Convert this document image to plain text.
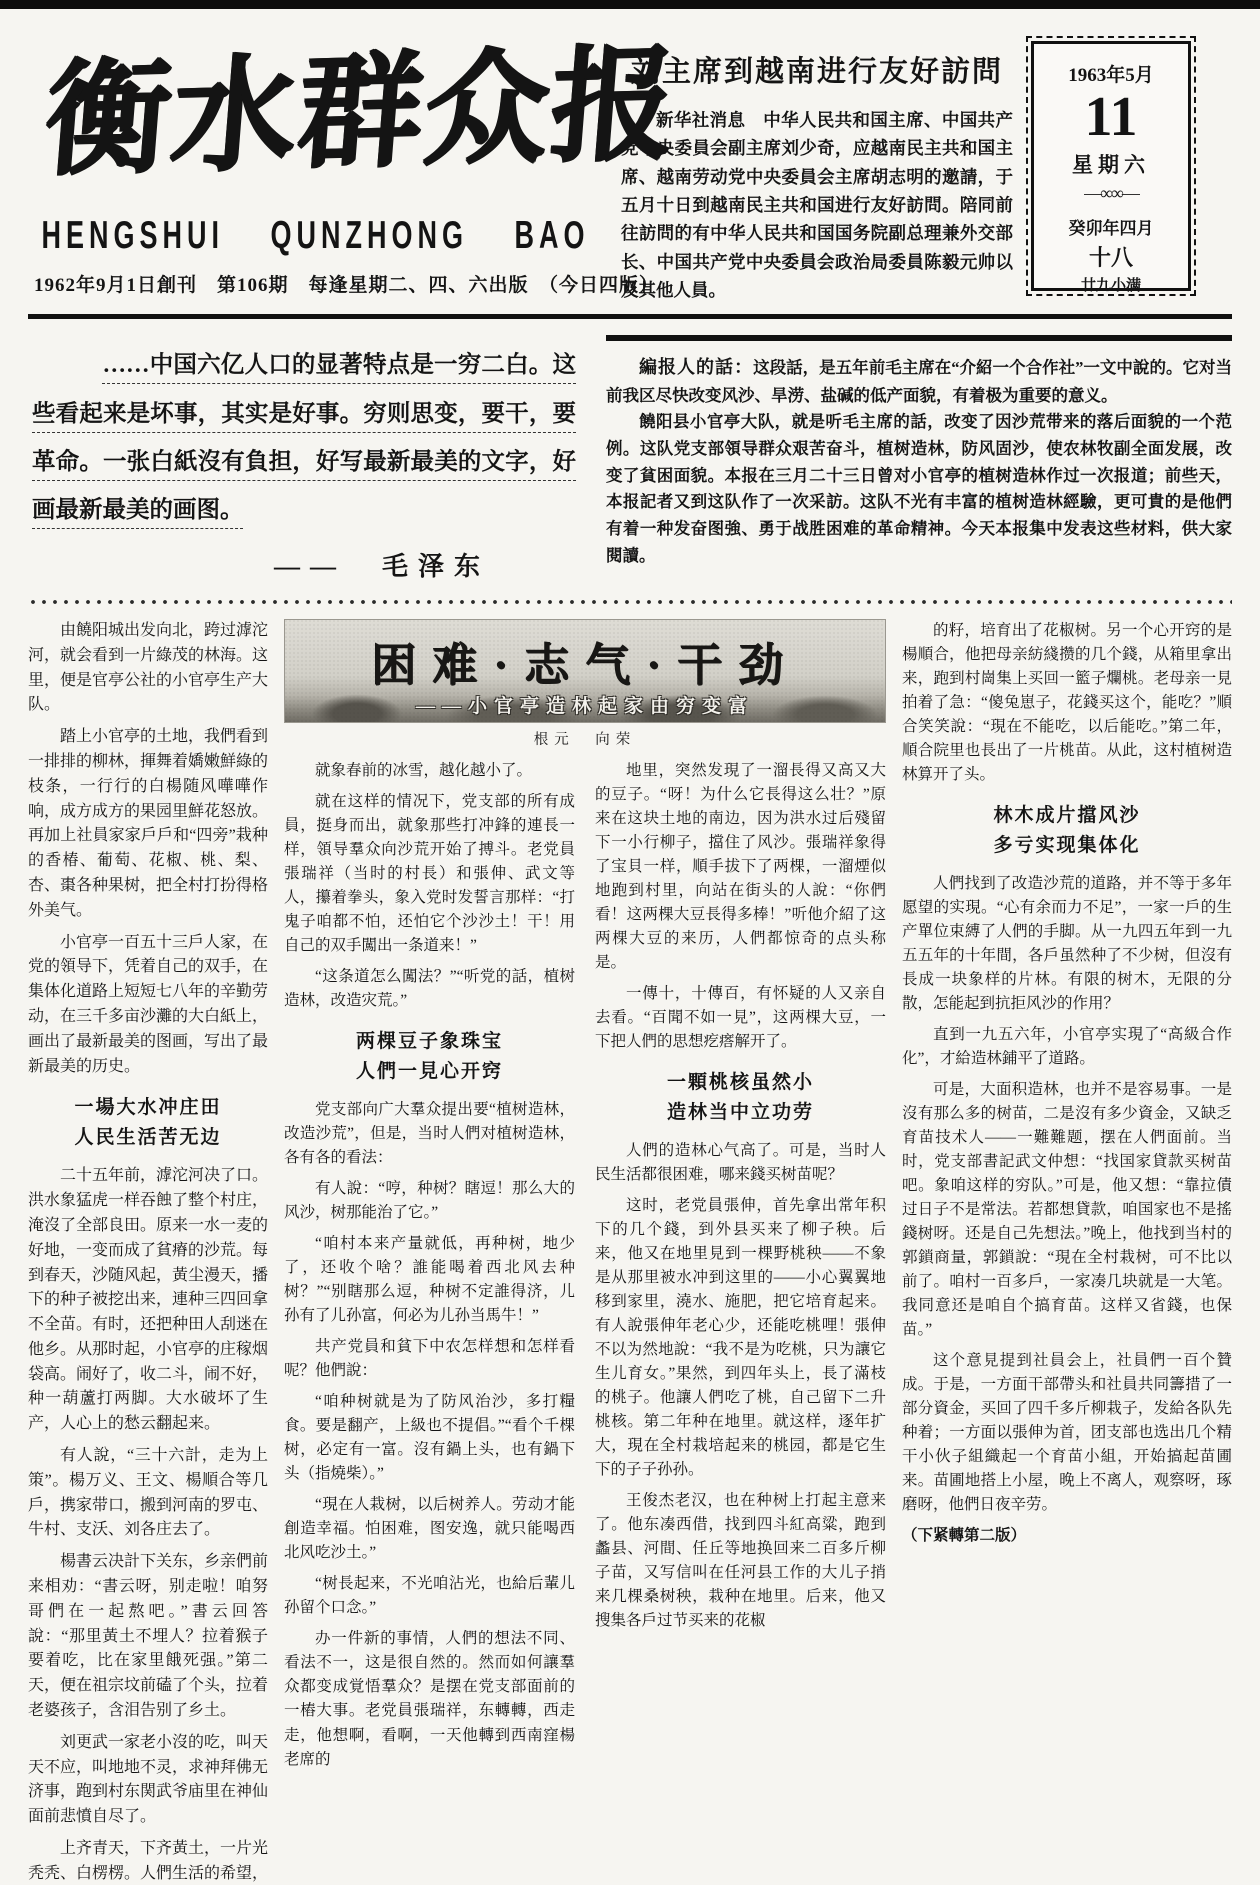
衡水群众报
HENGSHUI QUNZHONG BAO
1962年9月1日創刊　第106期　每逢星期二、四、六出版　（今日四版）
刘主席到越南进行友好訪問
新华社消息　中华人民共和国主席、中国共产党中央委員会副主席刘少奇，应越南民主共和国主席、越南劳动党中央委員会主席胡志明的邀請，于五月十日到越南民主共和国进行友好訪問。陪同前往訪問的有中华人民共和国国务院副总理兼外交部长、中国共产党中央委員会政治局委員陈毅元帅以及其他人員。
1963年5月
11
星期六
—∞∞—
癸卯年四月
十八
廿九小满
……中国六亿人口的显著特点是一穷二白。这些看起来是坏事，其实是好事。穷则思变，要干，要革命。一张白紙沒有負担，好写最新最美的文字，好画最新最美的画图。
——　毛泽东

編报人的話：这段話，是五年前毛主席在“介紹一个合作社”一文中說的。它对当前我区尽快改变风沙、旱涝、盐碱的低产面貌，有着极为重要的意义。

饒阳县小官亭大队，就是听毛主席的話，改变了因沙荒带来的落后面貌的一个范例。这队党支部領导群众艰苦奋斗，植树造林，防风固沙，使农林牧副全面发展，改变了貧困面貌。本报在三月二十三日曾对小官亭的植树造林作过一次报道；前些天，本报記者又到这队作了一次采訪。这队不光有丰富的植树造林經驗，更可貴的是他們有着一种发奋图強、勇于战胜困难的革命精神。今天本报集中发表这些材料，供大家閱讀。

由饒阳城出发向北，跨过滹沱河，就会看到一片綠茂的林海。这里，便是官亭公社的小官亭生产大队。

踏上小官亭的土地，我們看到一排排的柳林，揮舞着嬌嫩鮮綠的枝条，一行行的白楊随风嘩嘩作响，成方成方的果园里鮮花怒放。再加上社員家家戶戶和“四旁”栽种的香椿、葡萄、花椒、桃、梨、杏、棗各种果树，把全村打扮得格外美气。

小官亭一百五十三戶人家，在党的領导下，凭着自己的双手，在集体化道路上短短七八年的辛勤劳动，在三千多亩沙灘的大白紙上，画出了最新最美的图画，写出了最新最美的历史。

一場大水冲庄田
人民生活苦无边

二十五年前，滹沱河决了口。洪水象猛虎一样吞蝕了整个村庄，淹沒了全部良田。原来一水一麦的好地，一变而成了貧瘠的沙荒。每到春天，沙随风起，黃尘漫天，播下的种子被挖出来，連种三四回拿不全苗。有时，还把种田人刮迷在他乡。从那时起，小官亭的庄稼烟袋高。闹好了，收二斗，闹不好，种一葫蘆打两脚。大水破坏了生产，人心上的愁云翻起来。

有人說，“三十六計，走为上策”。楊万义、王文、楊順合等几戶，携家带口，搬到河南的罗屯、牛村、支沃、刘各庄去了。

楊書云决計下关东，乡亲們前来相劝：“書云呀，别走啦！咱努哥們在一起熬吧。”書云回答說：“那里黃土不埋人？拉着猴子要着吃，比在家里餓死强。”第二天，便在祖宗坟前磕了个头，拉着老婆孩子，含泪告别了乡土。

刘更武一家老小沒的吃，叫天天不应，叫地地不灵，求神拜佛无济事，跑到村东関武爷庙里在神仙面前悲憤自尽了。

上齐青天，下齐黃土，一片光秃秃、白楞楞。人們生活的希望，

困难·志气·干劲
——小官亭造林起家由穷变富
根元　向荣

就象春前的冰雪，越化越小了。

就在这样的情况下，党支部的所有成員，挺身而出，就象那些打冲鋒的連長一样，領导羣众向沙荒开始了搏斗。老党員張瑞祥（当时的村長）和張伸、武文等人，攥着拳头，象入党时发誓言那样：“打鬼子咱都不怕，还怕它个沙沙土！干！用自己的双手闖出一条道来！”

“这条道怎么闖法？”“听党的話，植树造林，改造灾荒。”

两棵豆子象珠宝
人們一見心开窍

党支部向广大羣众提出要“植树造林，改造沙荒”，但是，当时人們对植树造林，各有各的看法：

有人說：“哼，种树？瞎逗！那么大的风沙，树那能治了它。”

“咱村本来产量就低，再种树，地少了，还收个啥？誰能喝着西北风去种树？”“别瞎那么逗，种树不定誰得济，儿孙有了儿孙富，何必为儿孙当馬牛！”

共产党員和貧下中农怎样想和怎样看呢？他們說：

“咱种树就是为了防风治沙，多打糧食。要是翻产，上級也不提倡。”“看个千棵树，必定有一富。沒有鍋上头，也有鍋下头（指燒柴）。”

“現在人栽树，以后树养人。劳动才能創造幸福。怕困难，图安逸，就只能喝西北风吃沙土。”

“树長起来，不光咱沾光，也給后輩儿孙留个口念。”

办一件新的事情，人們的想法不同、看法不一，这是很自然的。然而如何讓羣众都变成覚悟羣众？是摆在党支部面前的一樁大事。老党員張瑞祥，东轉轉，西走走，他想啊，看啊，一天他轉到西南窪楊老席的

地里，突然发現了一溜長得又高又大的豆子。“呀！为什么它長得这么壮？”原来在这块土地的南边，因为洪水过后殘留下一小行柳子，擋住了风沙。張瑞祥象得了宝貝一样，順手拔下了两棵，一溜煙似地跑到村里，向站在街头的人說：“你們看！这两棵大豆長得多棒！”听他介紹了这两棵大豆的来历，人們都惊奇的点头称是。

一傳十，十傳百，有怀疑的人又亲自去看。“百聞不如一見”，这两棵大豆，一下把人們的思想疙瘩解开了。

一顆桃核虽然小
造林当中立功劳

人們的造林心气高了。可是，当时人民生活都很困难，哪来錢买树苗呢？

这时，老党員張伸，首先拿出常年积下的几个錢，到外县买来了柳子秧。后来，他又在地里見到一棵野桃秧——不象是从那里被水冲到这里的——小心翼翼地移到家里，澆水、施肥，把它培育起来。有人說張伸年老心少，还能吃桃哩！張伸不以为然地說：“我不是为吃桃，只为讓它生儿育女。”果然，到四年头上，長了滿枝的桃子。他讓人們吃了桃，自己留下二升桃核。第二年种在地里。就这样，逐年扩大，現在全村栽培起来的桃园，都是它生下的子子孙孙。

王俊杰老汉，也在种树上打起主意来了。他东凑西借，找到四斗紅高粱，跑到蠡县、河間、任丘等地换回来二百多斤柳子苗，又写信叫在任河县工作的大儿子捎来几棵桑树秧，栽种在地里。后来，他又搜集各戶过节买来的花椒

的籽，培育出了花椒树。另一个心开窍的是楊順合，他把母亲紡綫攒的几个錢，从箱里拿出来，跑到村崗集上买回一籃子爛桃。老母亲一見拍着了急：“傻兔崽子，花錢买这个，能吃？”順合笑笑說：“現在不能吃，以后能吃。”第二年，順合院里也長出了一片桃苗。从此，这村植树造林算开了头。

林木成片擋风沙
多亏实现集体化

人們找到了改造沙荒的道路，并不等于多年愿望的实現。“心有余而力不足”，一家一戶的生产單位束縛了人們的手脚。从一九四五年到一九五五年的十年間，各戶虽然种了不少树，但沒有長成一块象样的片林。有限的树木，无限的分散，怎能起到抗拒风沙的作用？

直到一九五六年，小官亭实現了“高級合作化”，才給造林鋪平了道路。

可是，大面积造林，也并不是容易事。一是沒有那么多的树苗，二是沒有多少資金，又缺乏育苗技术人——一難難题，摆在人們面前。当时，党支部書記武文仲想：“找国家貸款买树苗吧。象咱这样的穷队。”可是，他又想：“靠拉債过日子不是常法。若都想貸款，咱国家也不是搖錢树呀。还是自己先想法。”晚上，他找到当村的郭鎖商量，郭鎖說：“現在全村栽树，可不比以前了。咱村一百多戶，一家凑几块就是一大笔。我同意还是咱自个搞育苗。这样又省錢，也保苗。”

这个意見提到社員会上，社員們一百个贊成。于是，一方面干部帶头和社員共同籌措了一部分資金，买回了四千多斤柳栽子，发給各队先种着；一方面以張伸为首，团支部也选出几个精干小伙子組織起一个育苗小組，开始搞起苗圃来。苗圃地搭上小屋，晚上不离人，观察呀，琢磨呀，他們日夜辛劳。

（下紧轉第二版）
